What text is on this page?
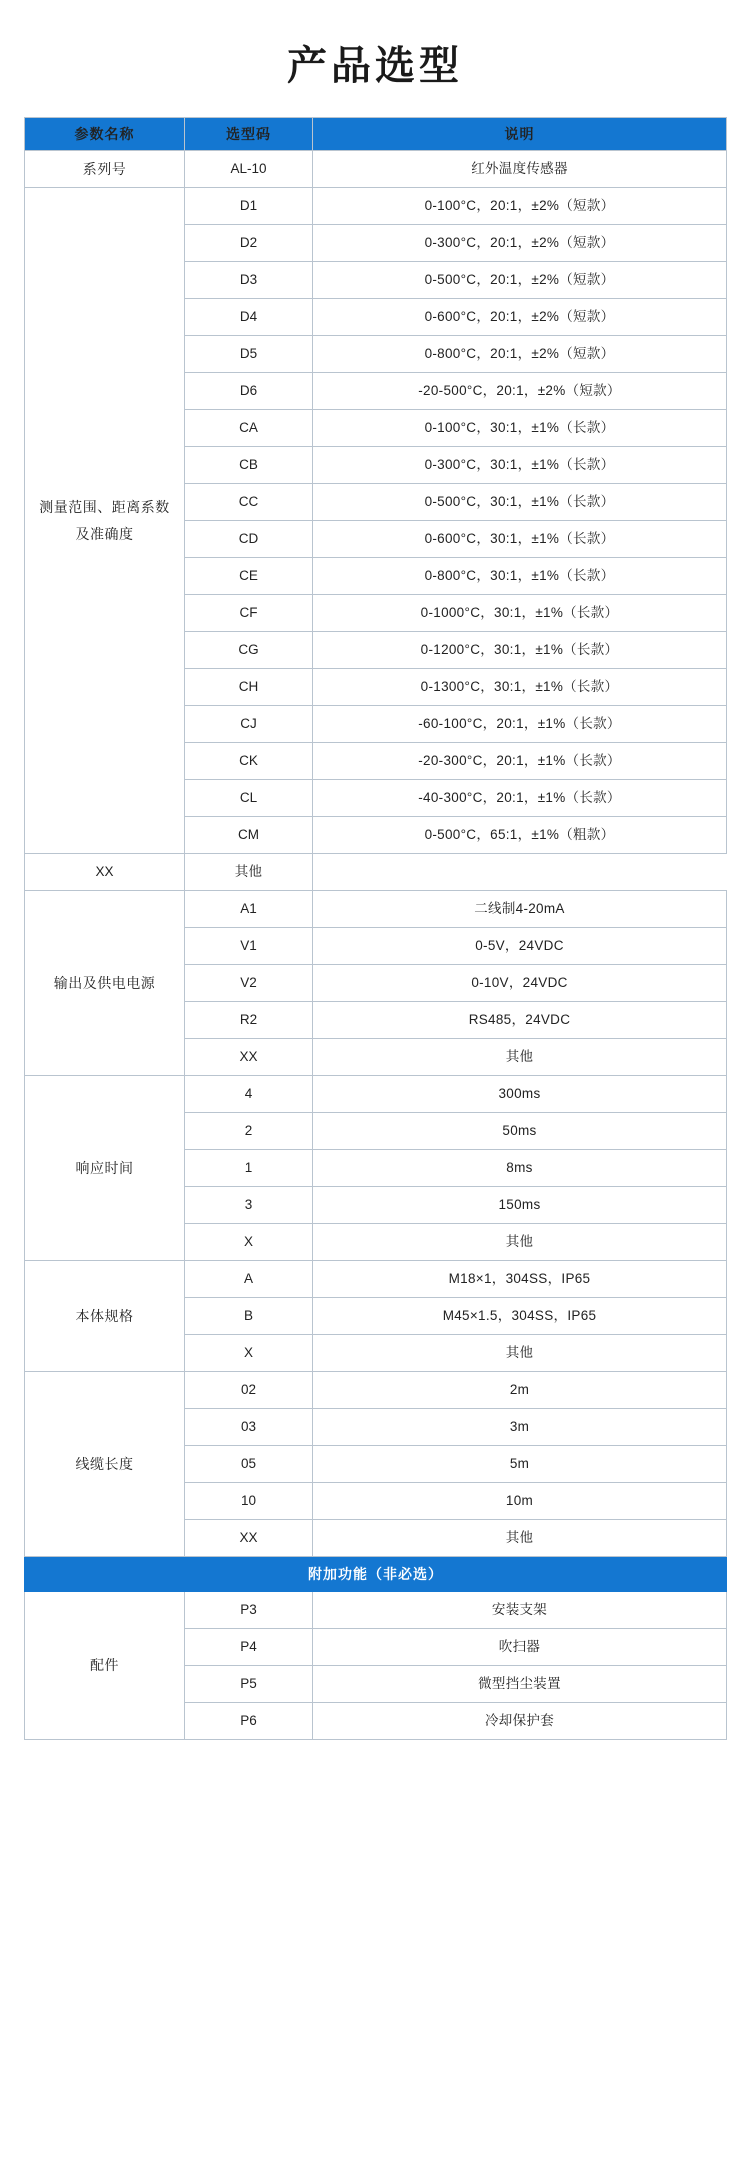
产品选型
参数名称	选型码	说明

系列号	AL-10	红外温度传感器

测量范围、距离系数
及准确度	D1	0-100°C，20:1，±2%（短款）
	D2	0-300°C，20:1，±2%（短款）
	D3	0-500°C，20:1，±2%（短款）
	D4	0-600°C，20:1，±2%（短款）
	D5	0-800°C，20:1，±2%（短款）
	D6	-20-500°C，20:1，±2%（短款）
	CA	0-100°C，30:1，±1%（长款）
	CB	0-300°C，30:1，±1%（长款）
	CC	0-500°C，30:1，±1%（长款）
	CD	0-600°C，30:1，±1%（长款）
	CE	0-800°C，30:1，±1%（长款）
	CF	0-1000°C，30:1，±1%（长款）
	CG	0-1200°C，30:1，±1%（长款）
	CH	0-1300°C，30:1，±1%（长款）
	CJ	-60-100°C，20:1，±1%（长款）
	CK	-20-300°C，20:1，±1%（长款）
	CL	-40-300°C，20:1，±1%（长款）
	CM	0-500°C，65:1，±1%（粗款）
XX	其他	

输出及供电电源	A1	二线制4-20mA
	V1	0-5V，24VDC
	V2	0-10V，24VDC
	R2	RS485，24VDC
	XX	其他

响应时间	4	300ms
	2	50ms
	1	8ms
	3	150ms
	X	其他

本体规格	A	M18×1，304SS，IP65
	B	M45×1.5，304SS，IP65
	X	其他

线缆长度	02	2m
	03	3m
	05	5m
	10	10m
	XX	其他
附加功能（非必选）		

配件	P3	安装支架
	P4	吹扫器
	P5	微型挡尘装置
	P6	冷却保护套
